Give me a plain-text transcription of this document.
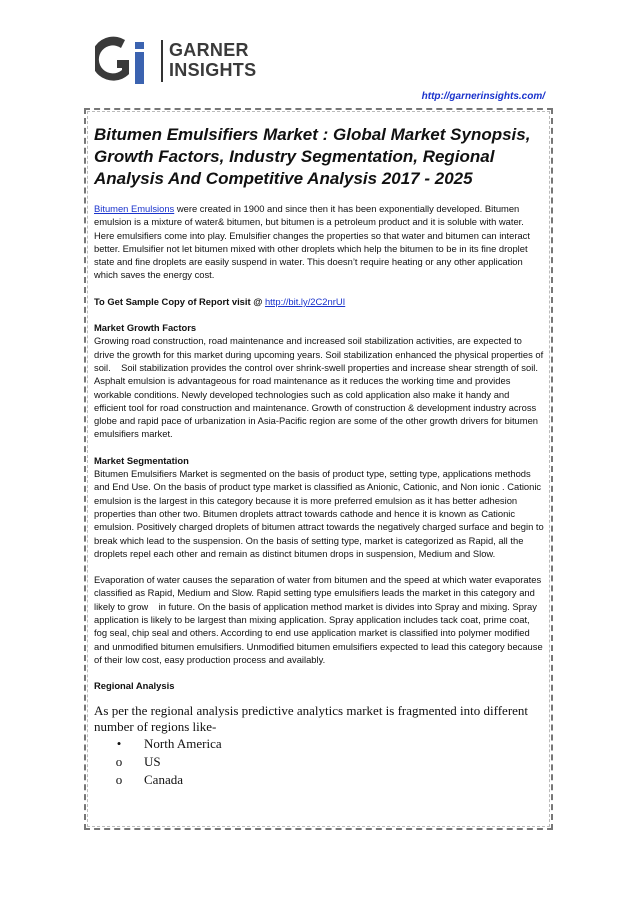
GARNER
INSIGHTS
http://garnerinsights.com/
Bitumen Emulsifiers Market : Global Market Synopsis, Growth Factors, Industry Segmentation, Regional Analysis And Competitive Analysis 2017 - 2025

Bitumen Emulsions were created in 1900 and since then it has been exponentially developed. Bitumen emulsion is a mixture of water& bitumen, but bitumen is a petroleum product and it is soluble with water. Here emulsifiers come into play. Emulsifier changes the properties so that water and bitumen can interact better. Emulsifier not let bitumen mixed with other droplets which help the bitumen to be in its fine droplet state and fine droplets are easily suspend in water. This doesn’t require heating or any other application which saves the energy cost.

To Get Sample Copy of Report visit @ http://bit.ly/2C2nrUI

Market Growth Factors

Growing road construction, road maintenance and increased soil stabilization activities, are expected to drive the growth for this market during upcoming years. Soil stabilization enhanced the physical properties of soil.    Soil stabilization provides the control over shrink-swell properties and increase shear strength of soil.    Asphalt emulsion is advantageous for road maintenance as it reduces the working time and provides workable conditions. Newly developed technologies such as cold application also make it handy and efficient tool for road construction and maintenance. Growth of construction & development industry across globe and rapid pace of urbanization in Asia-Pacific region are some of the other growth drivers for bitumen emulsifiers market.

Market Segmentation

Bitumen Emulsifiers Market is segmented on the basis of product type, setting type, applications methods and End Use. On the basis of product type market is classified as Anionic, Cationic, and Non ionic . Cationic emulsion is the largest in this category because it is more preferred emulsion as it has better adhesion properties than other two. Bitumen droplets attract towards cathode and hence it is known as Cationic emulsion. Positively charged droplets of bitumen attract towards the negatively charged surface and begin to break which lead to the suspension. On the basis of setting type, market is categorized as Rapid, all the droplets repel each other and remain as distinct bitumen drops in suspension, Medium and Slow.

Evaporation of water causes the separation of water from bitumen and the speed at which water evaporates classified as Rapid, Medium and Slow. Rapid setting type emulsifiers leads the market in this category and likely to grow    in future. On the basis of application method market is divides into Spray and mixing. Spray application is likely to be largest than mixing application. Spray application includes tack coat, prime coat, fog seal, chip seal and others. According to end use application market is classified into polymer modified and unmodified bitumen emulsifiers. Unmodified bitumen emulsifiers expected to lead this category because of their low cost, easy production process and availably.

Regional Analysis

As per the regional analysis predictive analytics market is fragmented into different number of regions like-

• North America
o US
o Canada
